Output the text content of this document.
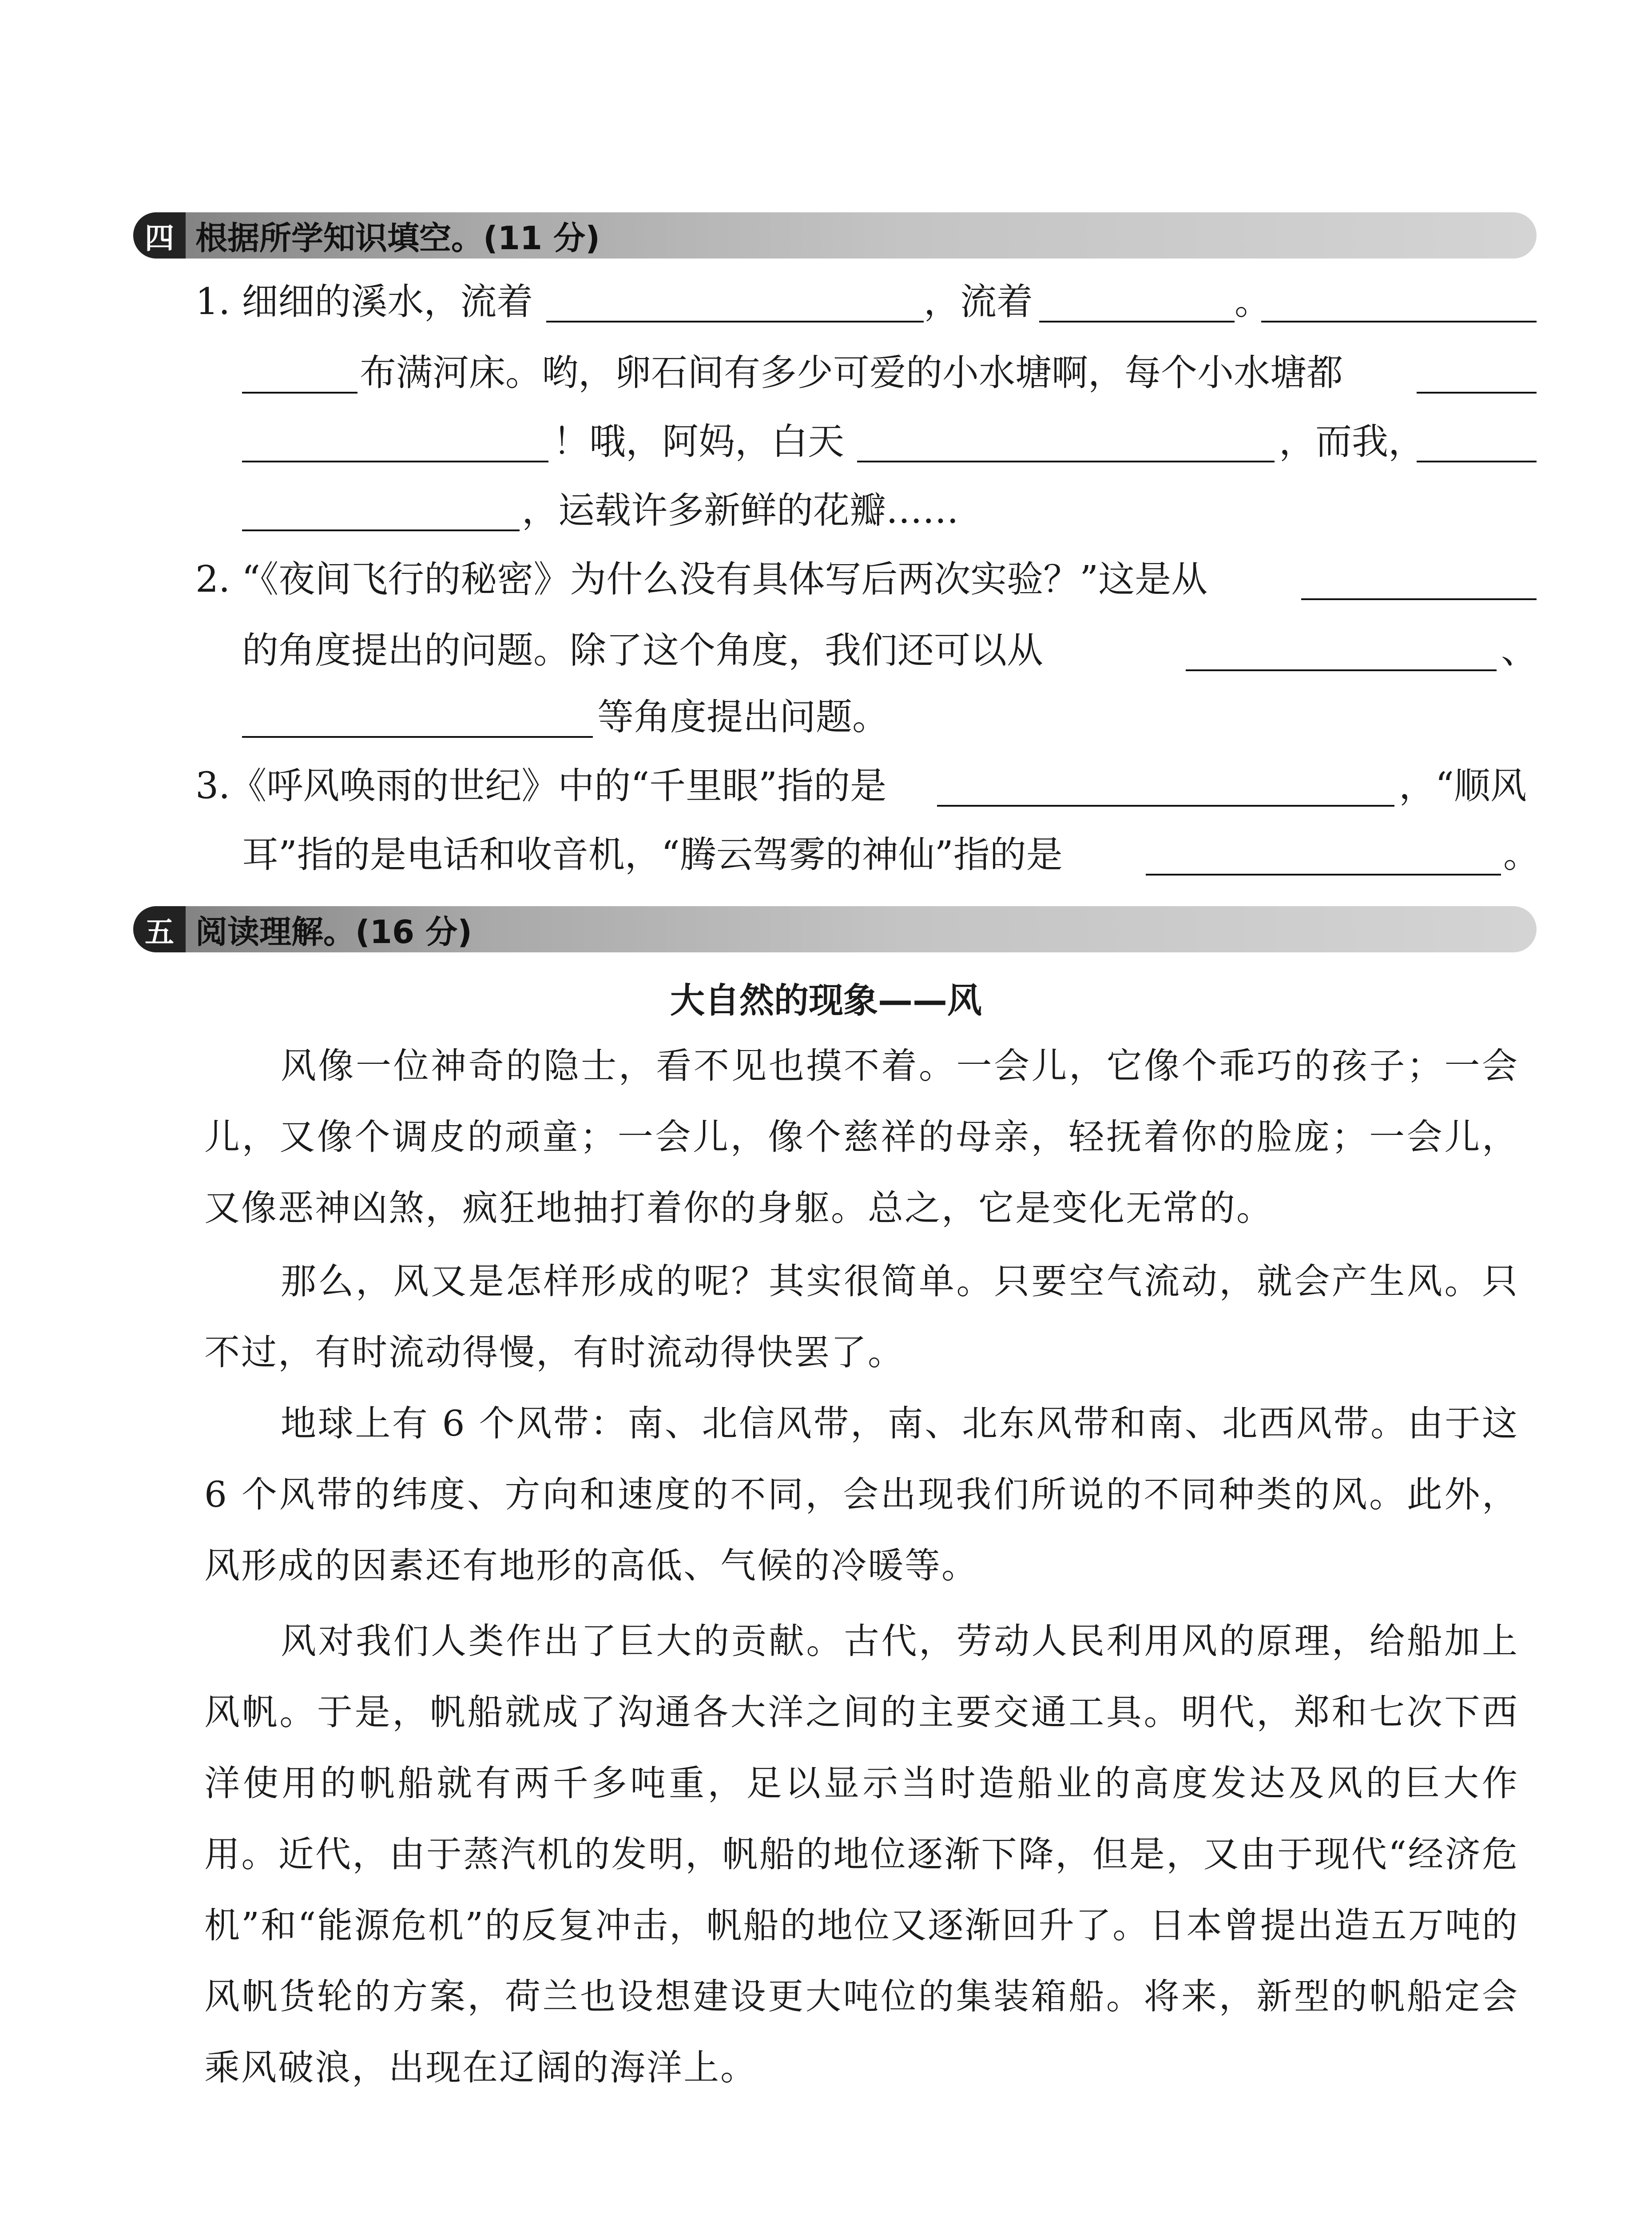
四 根据所学知识填空。(11 分)
1. 细细的溪水，流着	，流着	。
布满河床。哟，卵石间有多少可爱的小水塘啊，每个小水塘都
！哦，阿妈，白天	，而我，
，运载许多新鲜的花瓣……
2. “《夜间飞行的秘密》为什么没有具体写后两次实验？”这是从
的角度提出的问题。除了这个角度，我们还可以从	、
等角度提出问题。
3.《呼风唤雨的世纪》中的“千里眼”指的是	，“顺风
耳”指的是电话和收音机，“腾云驾雾的神仙”指的是	。
五 阅读理解。(16 分)
大自然的现象——风
风像一位神奇的隐士，看不见也摸不着。一会儿，它像个乖巧的孩子；一会儿，又像个调皮的顽童；一会儿，像个慈祥的母亲，轻抚着你的脸庞；一会儿，又像恶神凶煞，疯狂地抽打着你的身躯。总之，它是变化无常的。
那么，风又是怎样形成的呢？其实很简单。只要空气流动，就会产生风。只不过，有时流动得慢，有时流动得快罢了。
地球上有 6 个风带：南、北信风带，南、北东风带和南、北西风带。由于这 6 个风带的纬度、方向和速度的不同，会出现我们所说的不同种类的风。此外，风形成的因素还有地形的高低、气候的冷暖等。
风对我们人类作出了巨大的贡献。古代，劳动人民利用风的原理，给船加上风帆。于是，帆船就成了沟通各大洋之间的主要交通工具。明代，郑和七次下西洋使用的帆船就有两千多吨重，足以显示当时造船业的高度发达及风的巨大作用。近代，由于蒸汽机的发明，帆船的地位逐渐下降，但是，又由于现代“经济危机”和“能源危机”的反复冲击，帆船的地位又逐渐回升了。日本曾提出造五万吨的风帆货轮的方案，荷兰也设想建设更大吨位的集装箱船。将来，新型的帆船定会乘风破浪，出现在辽阔的海洋上。
